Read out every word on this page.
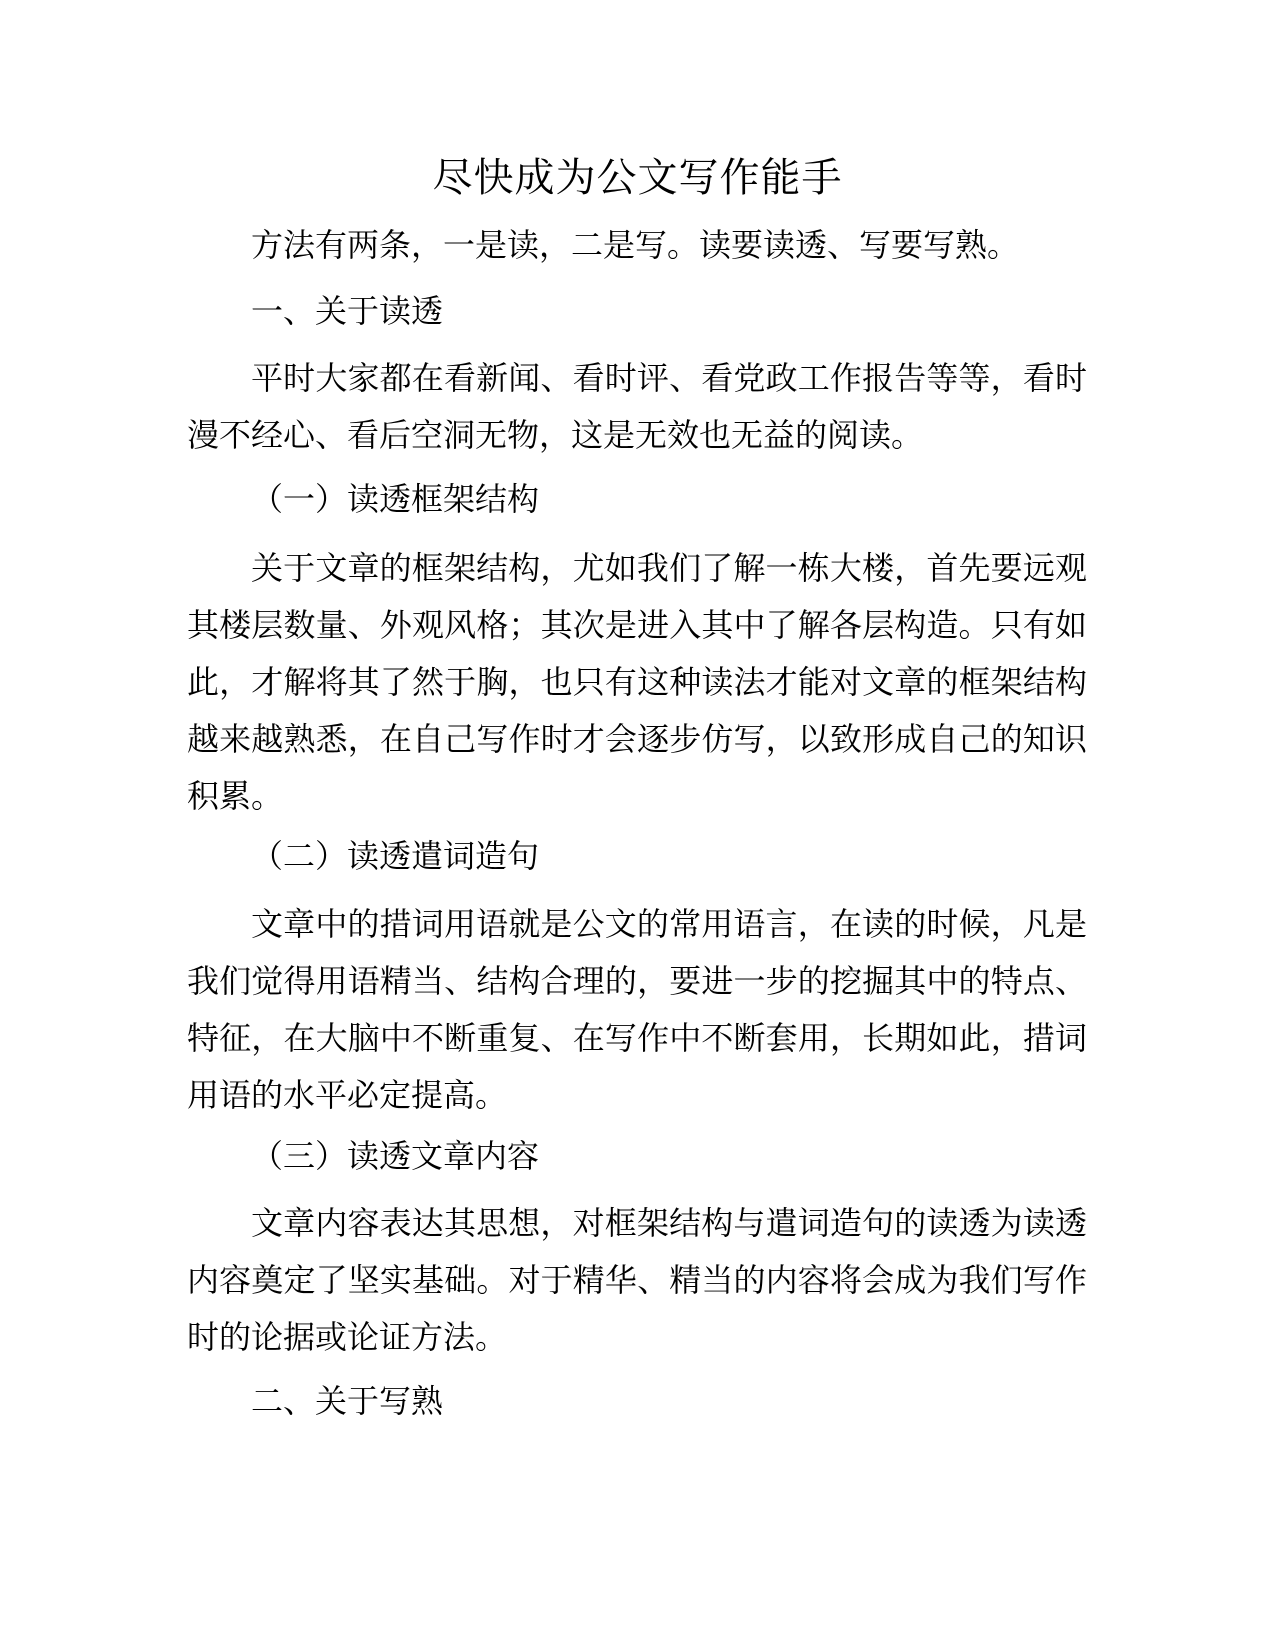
尽快成为公文写作能手

方法有两条，一是读，二是写。读要读透、写要写熟。

一、关于读透

平时大家都在看新闻、看时评、看党政工作报告等等，看时漫不经心、看后空洞无物，这是无效也无益的阅读。

（一）读透框架结构

关于文章的框架结构，尤如我们了解一栋大楼，首先要远观其楼层数量、外观风格；其次是进入其中了解各层构造。只有如此，才解将其了然于胸，也只有这种读法才能对文章的框架结构越来越熟悉，在自己写作时才会逐步仿写，以致形成自己的知识积累。

（二）读透遣词造句

文章中的措词用语就是公文的常用语言，在读的时候，凡是我们觉得用语精当、结构合理的，要进一步的挖掘其中的特点、特征，在大脑中不断重复、在写作中不断套用，长期如此，措词用语的水平必定提高。

（三）读透文章内容

文章内容表达其思想，对框架结构与遣词造句的读透为读透内容奠定了坚实基础。对于精华、精当的内容将会成为我们写作时的论据或论证方法。

二、关于写熟
